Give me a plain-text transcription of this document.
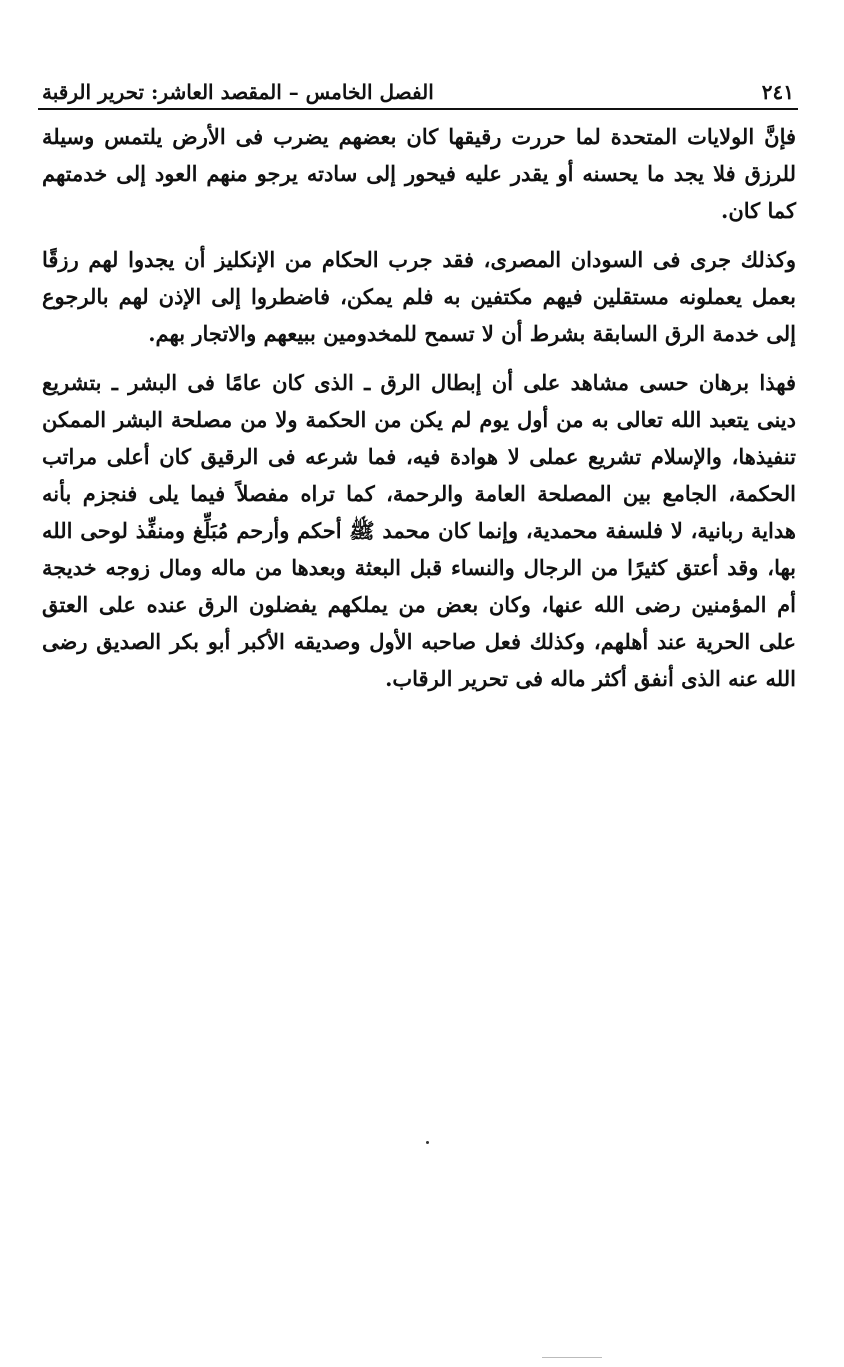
٢٤١
الفصل الخامس – المقصد العاشر: تحرير الرقبة

فإنَّ الولايات المتحدة لما حررت رقيقها كان بعضهم يضرب فى الأرض يلتمس وسيلة للرزق فلا يجد ما يحسنه أو يقدر عليه فيحور إلى سادته يرجو منهم العود إلى خدمتهم كما كان.

وكذلك جرى فى السودان المصرى، فقد جرب الحكام من الإنكليز أن يجدوا لهم رزقًا بعمل يعملونه مستقلين فيهم مكتفين به فلم يمكن، فاضطروا إلى الإذن لهم بالرجوع إلى خدمة الرق السابقة بشرط أن لا تسمح للمخدومين ببيعهم والاتجار بهم.

فهذا برهان حسى مشاهد على أن إبطال الرق ـ الذى كان عامًا فى البشر ـ بتشريع دينى يتعبد الله تعالى به من أول يوم لم يكن من الحكمة ولا من مصلحة البشر الممكن تنفيذها، والإسلام تشريع عملى لا هوادة فيه، فما شرعه فى الرقيق كان أعلى مراتب الحكمة، الجامع بين المصلحة العامة والرحمة، كما تراه مفصلاً فيما يلى فنجزم بأنه هداية ربانية، لا فلسفة محمدية، وإنما كان محمد ﷺ أحكم وأرحم مُبَلِّغ ومنفِّذ لوحى الله بها، وقد أعتق كثيرًا من الرجال والنساء قبل البعثة وبعدها من ماله ومال زوجه خديجة أم المؤمنين رضى الله عنها، وكان بعض من يملكهم يفضلون الرق عنده على العتق على الحرية عند أهلهم، وكذلك فعل صاحبه الأول وصديقه الأكبر أبو بكر الصديق رضى الله عنه الذى أنفق أكثر ماله فى تحرير الرقاب.
